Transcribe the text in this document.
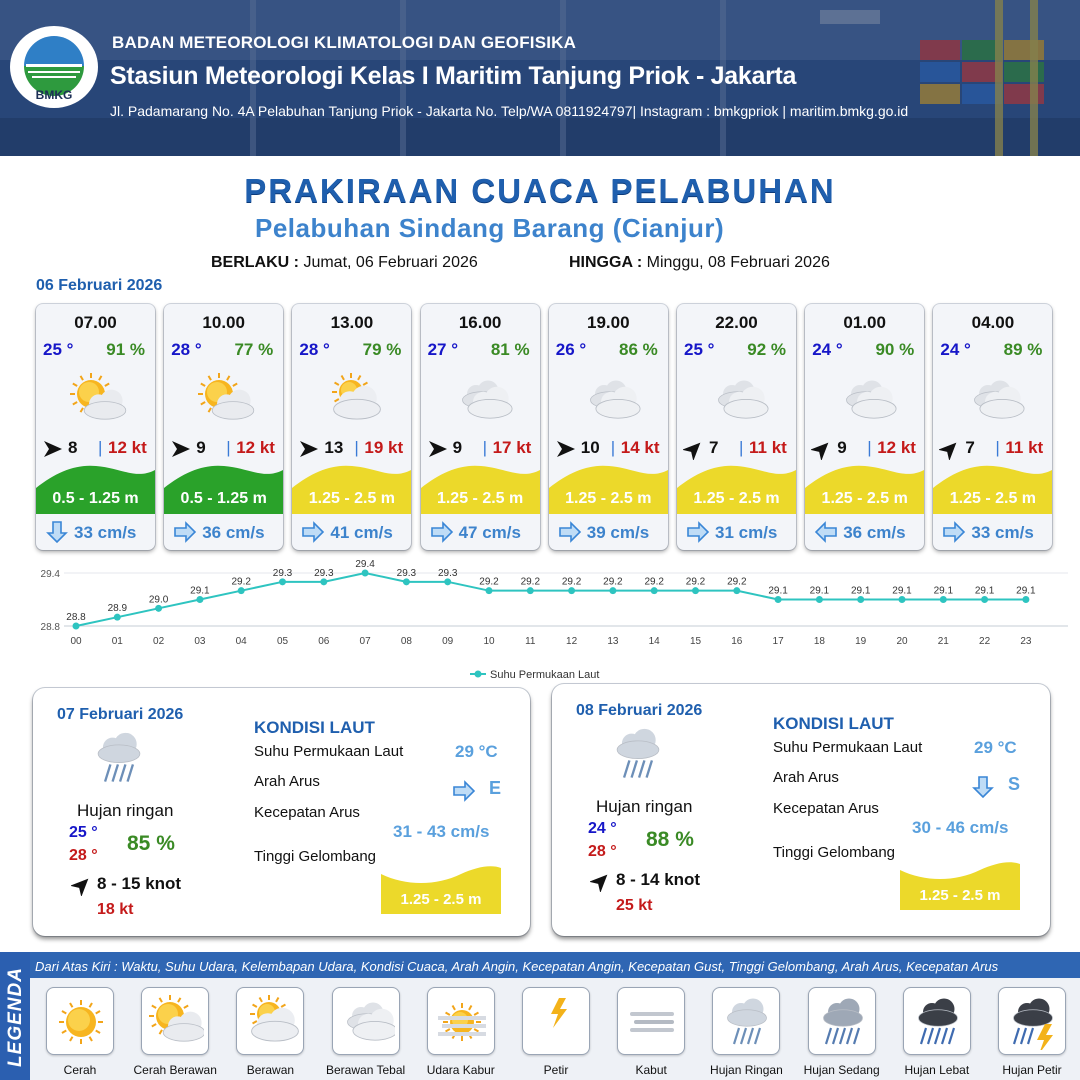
BMKG
BADAN METEOROLOGI KLIMATOLOGI DAN GEOFISIKA
Stasiun Meteorologi Kelas I Maritim Tanjung Priok - Jakarta
Jl. Padamarang No. 4A Pelabuhan Tanjung Priok - Jakarta No. Telp/WA 0811924797| Instagram : bmkgpriok | maritim.bmkg.go.id
PRAKIRAAN CUACA PELABUHAN
Pelabuhan Sindang Barang (Cianjur)
BERLAKU : Jumat, 06 Februari 2026	HINGGA : Minggu, 08 Februari 2026
06 Februari 2026
07.00
25 ° 91 %
8 | 12 kt
0.5 - 1.25 m
33 cm/s
10.00
28 ° 77 %
9 | 12 kt
0.5 - 1.25 m
36 cm/s
13.00
28 ° 79 %
13 | 19 kt
1.25 - 2.5 m
41 cm/s
16.00
27 ° 81 %
9 | 17 kt
1.25 - 2.5 m
47 cm/s
19.00
26 ° 86 %
10 | 14 kt
1.25 - 2.5 m
39 cm/s
22.00
25 ° 92 %
7 | 11 kt
1.25 - 2.5 m
31 cm/s
01.00
24 ° 90 %
9 | 12 kt
1.25 - 2.5 m
36 cm/s
04.00
24 ° 89 %
7 | 11 kt
1.25 - 2.5 m
33 cm/s
29.4
28.8
28.8
00
28.9
01
29.0
02
29.1
03
29.2
04
29.3
05
29.3
06
29.4
07
29.3
08
29.3
09
29.2
10
29.2
11
29.2
12
29.2
13
29.2
14
29.2
15
29.2
16
29.1
17
29.1
18
29.1
19
29.1
20
29.1
21
29.1
22
29.1
23
Suhu Permukaan Laut
07 Februari 2026
Hujan ringan
25 °
28 °
85 %
8 - 15 knot
18 kt
KONDISI LAUT
Suhu Permukaan Laut	29 °C
Arah Arus	E
Kecepatan Arus
31 - 43 cm/s
Tinggi Gelombang
1.25 - 2.5 m
08 Februari 2026
Hujan ringan
24 °
28 °
88 %
8 - 14 knot
25 kt
KONDISI LAUT
Suhu Permukaan Laut	29 °C
Arah Arus	S
Kecepatan Arus
30 - 46 cm/s
Tinggi Gelombang
1.25 - 2.5 m
LEGENDA
Dari Atas Kiri : Waktu, Suhu Udara, Kelembapan Udara, Kondisi Cuaca, Arah Angin, Kecepatan Angin, Kecepatan Gust, Tinggi Gelombang, Arah Arus, Kecepatan Arus
Cerah	Cerah Berawan	Berawan	Berawan Tebal	Udara Kabur	Petir	Kabut	Hujan Ringan	Hujan Sedang	Hujan Lebat	Hujan Petir
